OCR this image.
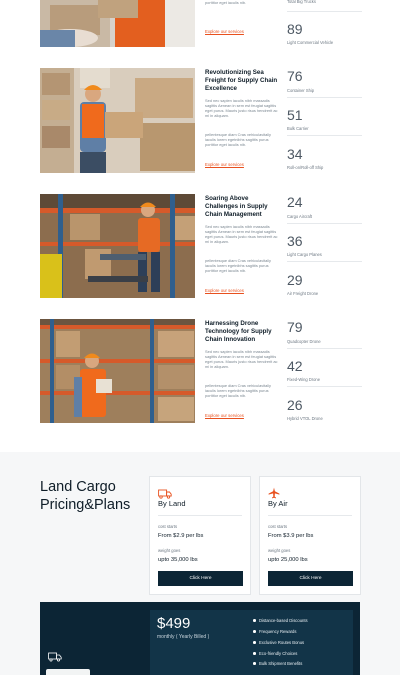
porttitor eget iaculis nib.
Explore our services
Total Big Trucks
89
Light Commercial Vehicle
Revolutionizing Sea Freight for Supply Chain Excellence
Sed nec sapien iaculis nibh massadis sagittis Aenean in sem est feugiat sagittis eget purus. Mauris justo risus hendrerit ac mi in aliquam.
pellentesque diam Cras vehiculavitally iaculis lorem egetnibhs sagittis purus porttitor eget iaculis nib.
Explore our services
76
Container Ship
51
Bulk Carrier
34
Roll-on/Roll-off Ship
Soaring Above Challenges in Supply Chain Management
Sed nec sapien iaculis nibh massadis sagittis Aenean in sem est feugiat sagittis eget purus. Mauris justo risus hendrerit ac mi in aliquam.
pellentesque diam Cras vehiculavitally iaculis lorem egetnibhs sagittis purus porttitor eget iaculis nib.
Explore our services
24
Cargo Aircraft
36
Light Cargo Planes
29
Air Freight Drone
Harnessing Drone Technology for Supply Chain Innovation
Sed nec sapien iaculis nibh massadis sagittis Aenean in sem est feugiat sagittis eget purus. Mauris justo risus hendrerit ac mi in aliquam.
pellentesque diam Cras vehiculavitally iaculis lorem egetnibhs sagittis purus porttitor eget iaculis nib.
Explore our services
79
Quadcopter Drone
42
Fixed-Wing Drone
26
Hybrid VTOL Drone
Land Cargo
Pricing&Plans	By Land
cost starts
From $2.9 per lbs
weight goes
upto 35,000 lbs
Click Here
By Air
cost starts
From $3.9 per lbs
weight goes
upto 25,000 lbs
Click Here
$499
monthly ( Yearly Billed )
Distance-based Discounts
Frequency Rewards
Exclusive Routes Bonus
Eco-friendly Choices
Bulk Shipment Benefits
